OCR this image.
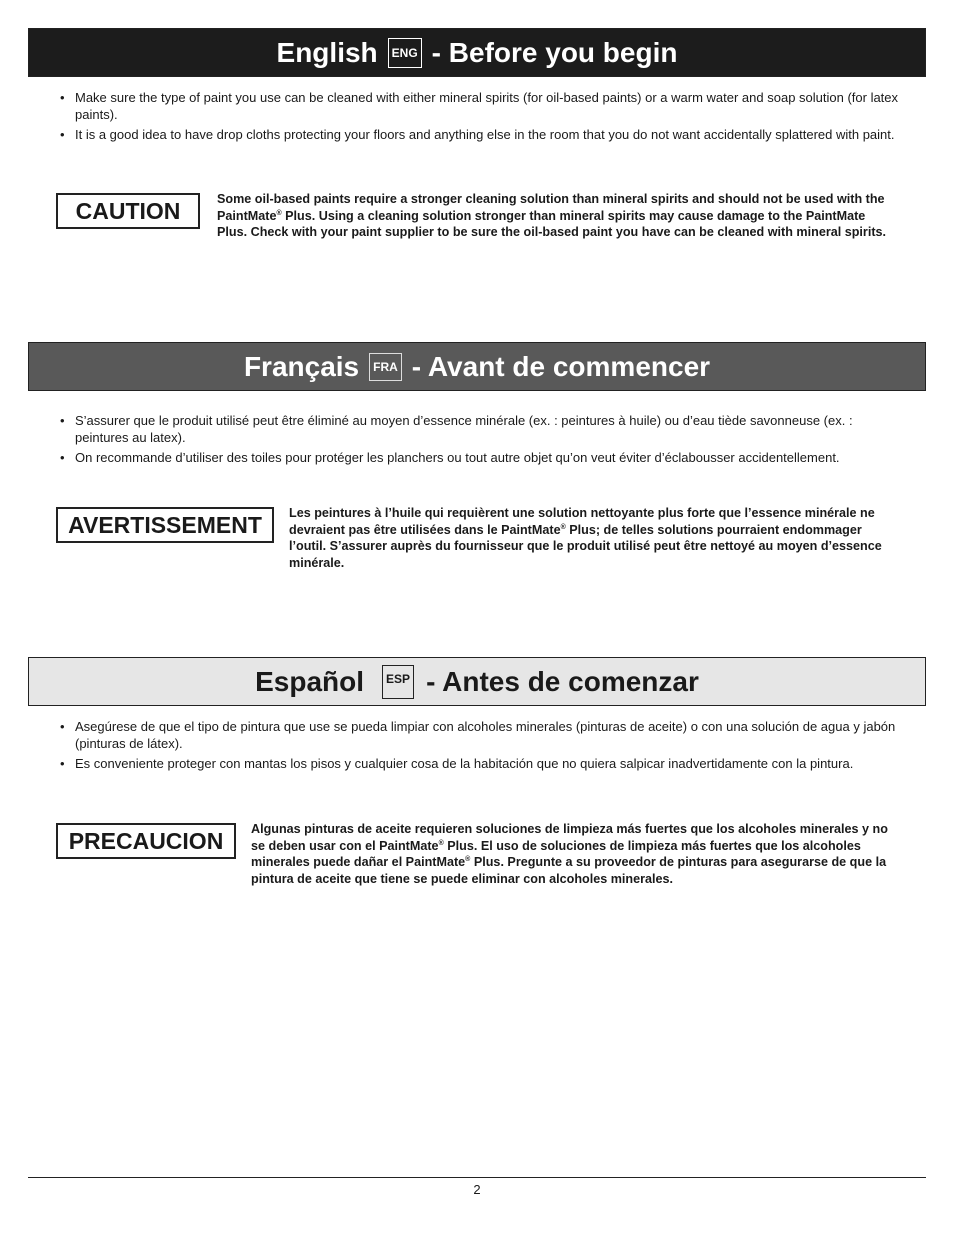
English	ENG - Before you begin
• Make sure the type of paint you use can be cleaned with either mineral spirits (for oil-based paints) or a warm water and soap solution (for latex paints).
• It is a good idea to have drop cloths protecting your floors and anything else in the room that you do not want accidentally splattered with paint.
CAUTION	Some oil-based paints require a stronger cleaning solution than mineral spirits and should not be used with the PaintMate® Plus. Using a cleaning solution stronger than mineral spirits may cause damage to the PaintMate Plus. Check with your paint supplier to be sure the oil-based paint you have can be cleaned with mineral spirits.
Français	FRA - Avant de commencer
• S’assurer que le produit utilisé peut être éliminé au moyen d’essence minérale (ex. : peintures à huile) ou d’eau tiède savonneuse (ex. : peintures au latex).
• On recommande d’utiliser des toiles pour protéger les planchers ou tout autre objet qu’on veut éviter d’éclabousser accidentellement.
AVERTISSEMENT	Les peintures à l’huile qui requièrent une solution nettoyante plus forte que l’essence minérale ne devraient pas être utilisées dans le PaintMate® Plus; de telles solutions pourraient endommager l’outil. S’assurer auprès du fournisseur que le produit utilisé peut être nettoyé au moyen d’essence minérale.
Español	ESP - Antes de comenzar
• Asegúrese de que el tipo de pintura que use se pueda limpiar con alcoholes minerales (pinturas de aceite) o con una solución de agua y jabón (pinturas de látex).
• Es conveniente proteger con mantas los pisos y cualquier cosa de la habitación que no quiera salpicar inadvertidamente con la pintura.
PRECAUCION	Algunas pinturas de aceite requieren soluciones de limpieza más fuertes que los alcoholes minerales y no se deben usar con el PaintMate® Plus. El uso de soluciones de limpieza más fuertes que los alcoholes minerales puede dañar el PaintMate® Plus. Pregunte a su proveedor de pinturas para asegurarse de que la pintura de aceite que tiene se puede eliminar con alcoholes minerales.
2
